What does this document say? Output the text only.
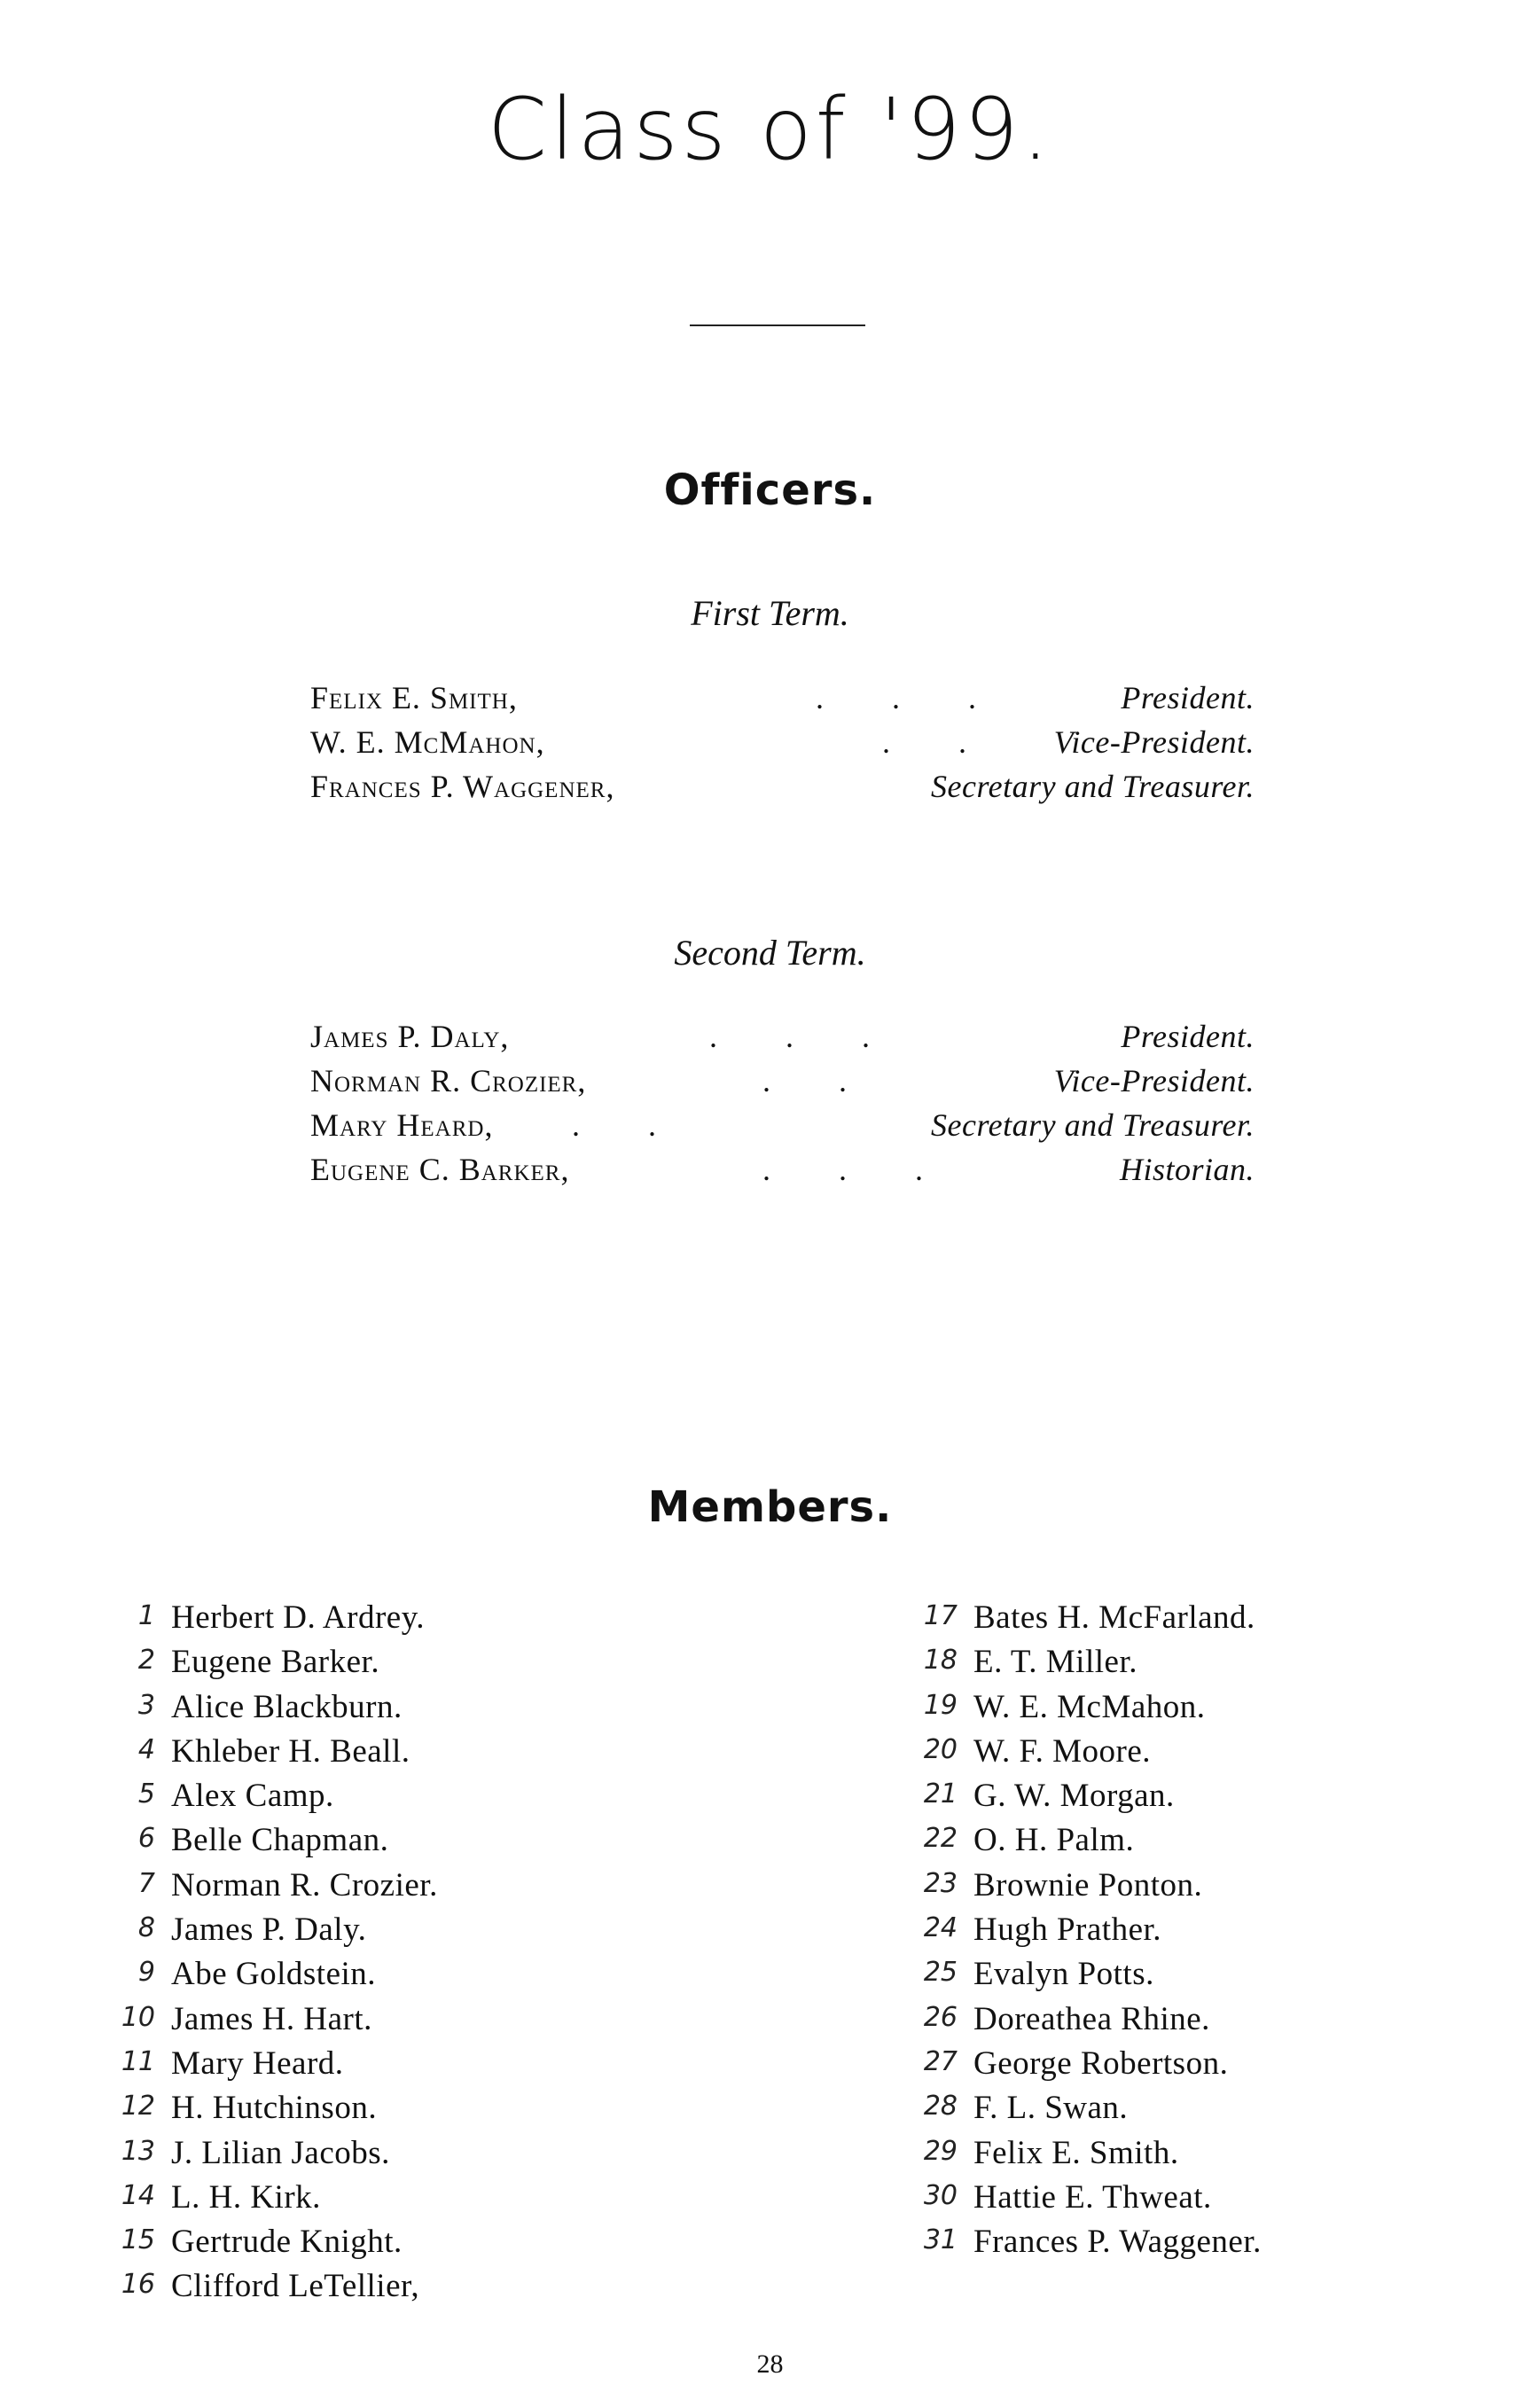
Class of '99.
Officers.
First Term.
Felix E. Smith,	. . .	President.
W. E. McMahon,	. . Vice-President.
Frances P. Waggener,	Secretary and Treasurer.
Second Term.
James P. Daly,	. . .	President.
Norman R. Crozier,	. .	Vice-President.
Mary Heard, . .	Secretary and Treasurer.
Eugene C. Barker,	. . .	Historian.
Members.
1 Herbert D. Ardrey.
2 Eugene Barker.
3 Alice Blackburn.
4 Khleber H. Beall.
5 Alex Camp.
6 Belle Chapman.
7 Norman R. Crozier.
8 James P. Daly.
9 Abe Goldstein.
10 James H. Hart.
11 Mary Heard.
12 H. Hutchinson.
13 J. Lilian Jacobs.
14 L. H. Kirk.
15 Gertrude Knight.
16 Clifford LeTellier,
17 Bates H. McFarland.
18 E. T. Miller.
19 W. E. McMahon.
20 W. F. Moore.
21 G. W. Morgan.
22 O. H. Palm.
23 Brownie Ponton.
24 Hugh Prather.
25 Evalyn Potts.
26 Doreathea Rhine.
27 George Robertson.
28 F. L. Swan.
29 Felix E. Smith.
30 Hattie E. Thweat.
31 Frances P. Waggener.
28
